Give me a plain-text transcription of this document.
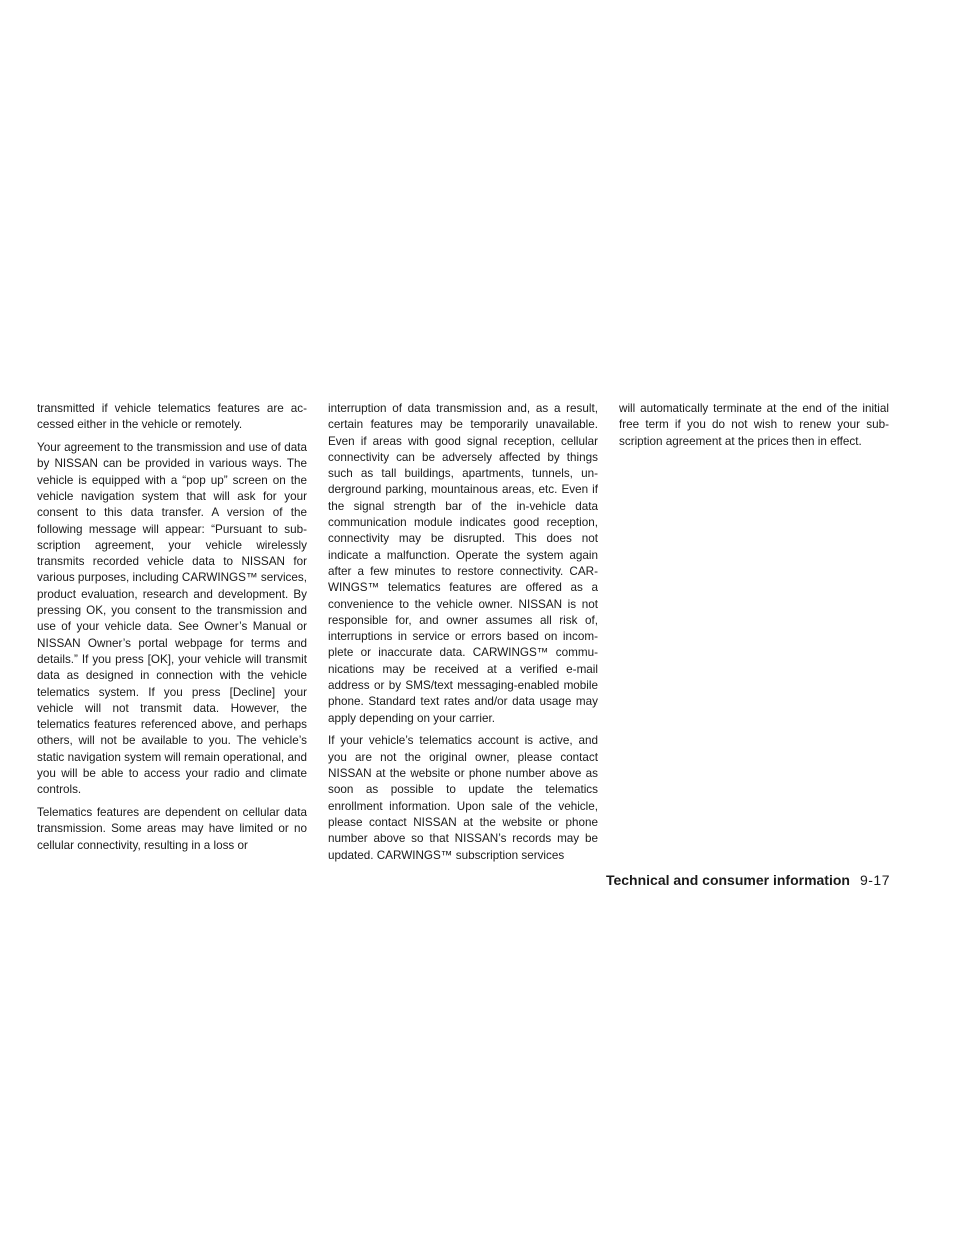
transmitted if vehicle telematics features are accessed either in the vehicle or remotely.

Your agreement to the transmission and use of data by NISSAN can be provided in various ways. The vehicle is equipped with a “pop up” screen on the vehicle navigation system that will ask for your consent to this data transfer. A version of the following message will appear: “Pursuant to subscription agreement, your vehicle wirelessly transmits recorded vehicle data to NISSAN for various purposes, including CARWINGS™ services, product evaluation, research and development. By pressing OK, you consent to the transmission and use of your vehicle data. See Owner’s Manual or NISSAN Owner’s portal webpage for terms and details.” If you press [OK], your vehicle will transmit data as designed in connection with the vehicle telematics system. If you press [Decline] your vehicle will not transmit data. However, the telematics features referenced above, and perhaps others, will not be available to you. The vehicle’s static navigation system will remain operational, and you will be able to access your radio and climate controls.

Telematics features are dependent on cellular data transmission. Some areas may have limited or no cellular connectivity, resulting in a loss or

interruption of data transmission and, as a result, certain features may be temporarily unavailable. Even if areas with good signal reception, cellular connectivity can be adversely affected by things such as tall buildings, apartments, tunnels, underground parking, mountainous areas, etc. Even if the signal strength bar of the in-vehicle data communication module indicates good reception, connectivity may be disrupted. This does not indicate a malfunction. Operate the system again after a few minutes to restore connectivity. CARWINGS™ telematics features are offered as a convenience to the vehicle owner. NISSAN is not responsible for, and owner assumes all risk of, interruptions in service or errors based on incomplete or inaccurate data. CARWINGS™ communications may be received at a verified e-mail address or by SMS/text messaging-enabled mobile phone. Standard text rates and/or data usage may apply depending on your carrier.

If your vehicle’s telematics account is active, and you are not the original owner, please contact NISSAN at the website or phone number above as soon as possible to update the telematics enrollment information. Upon sale of the vehicle, please contact NISSAN at the website or phone number above so that NISSAN’s records may be updated. CARWINGS™ subscription services

will automatically terminate at the end of the initial free term if you do not wish to renew your subscription agreement at the prices then in effect.

Technical and consumer information 9-17
